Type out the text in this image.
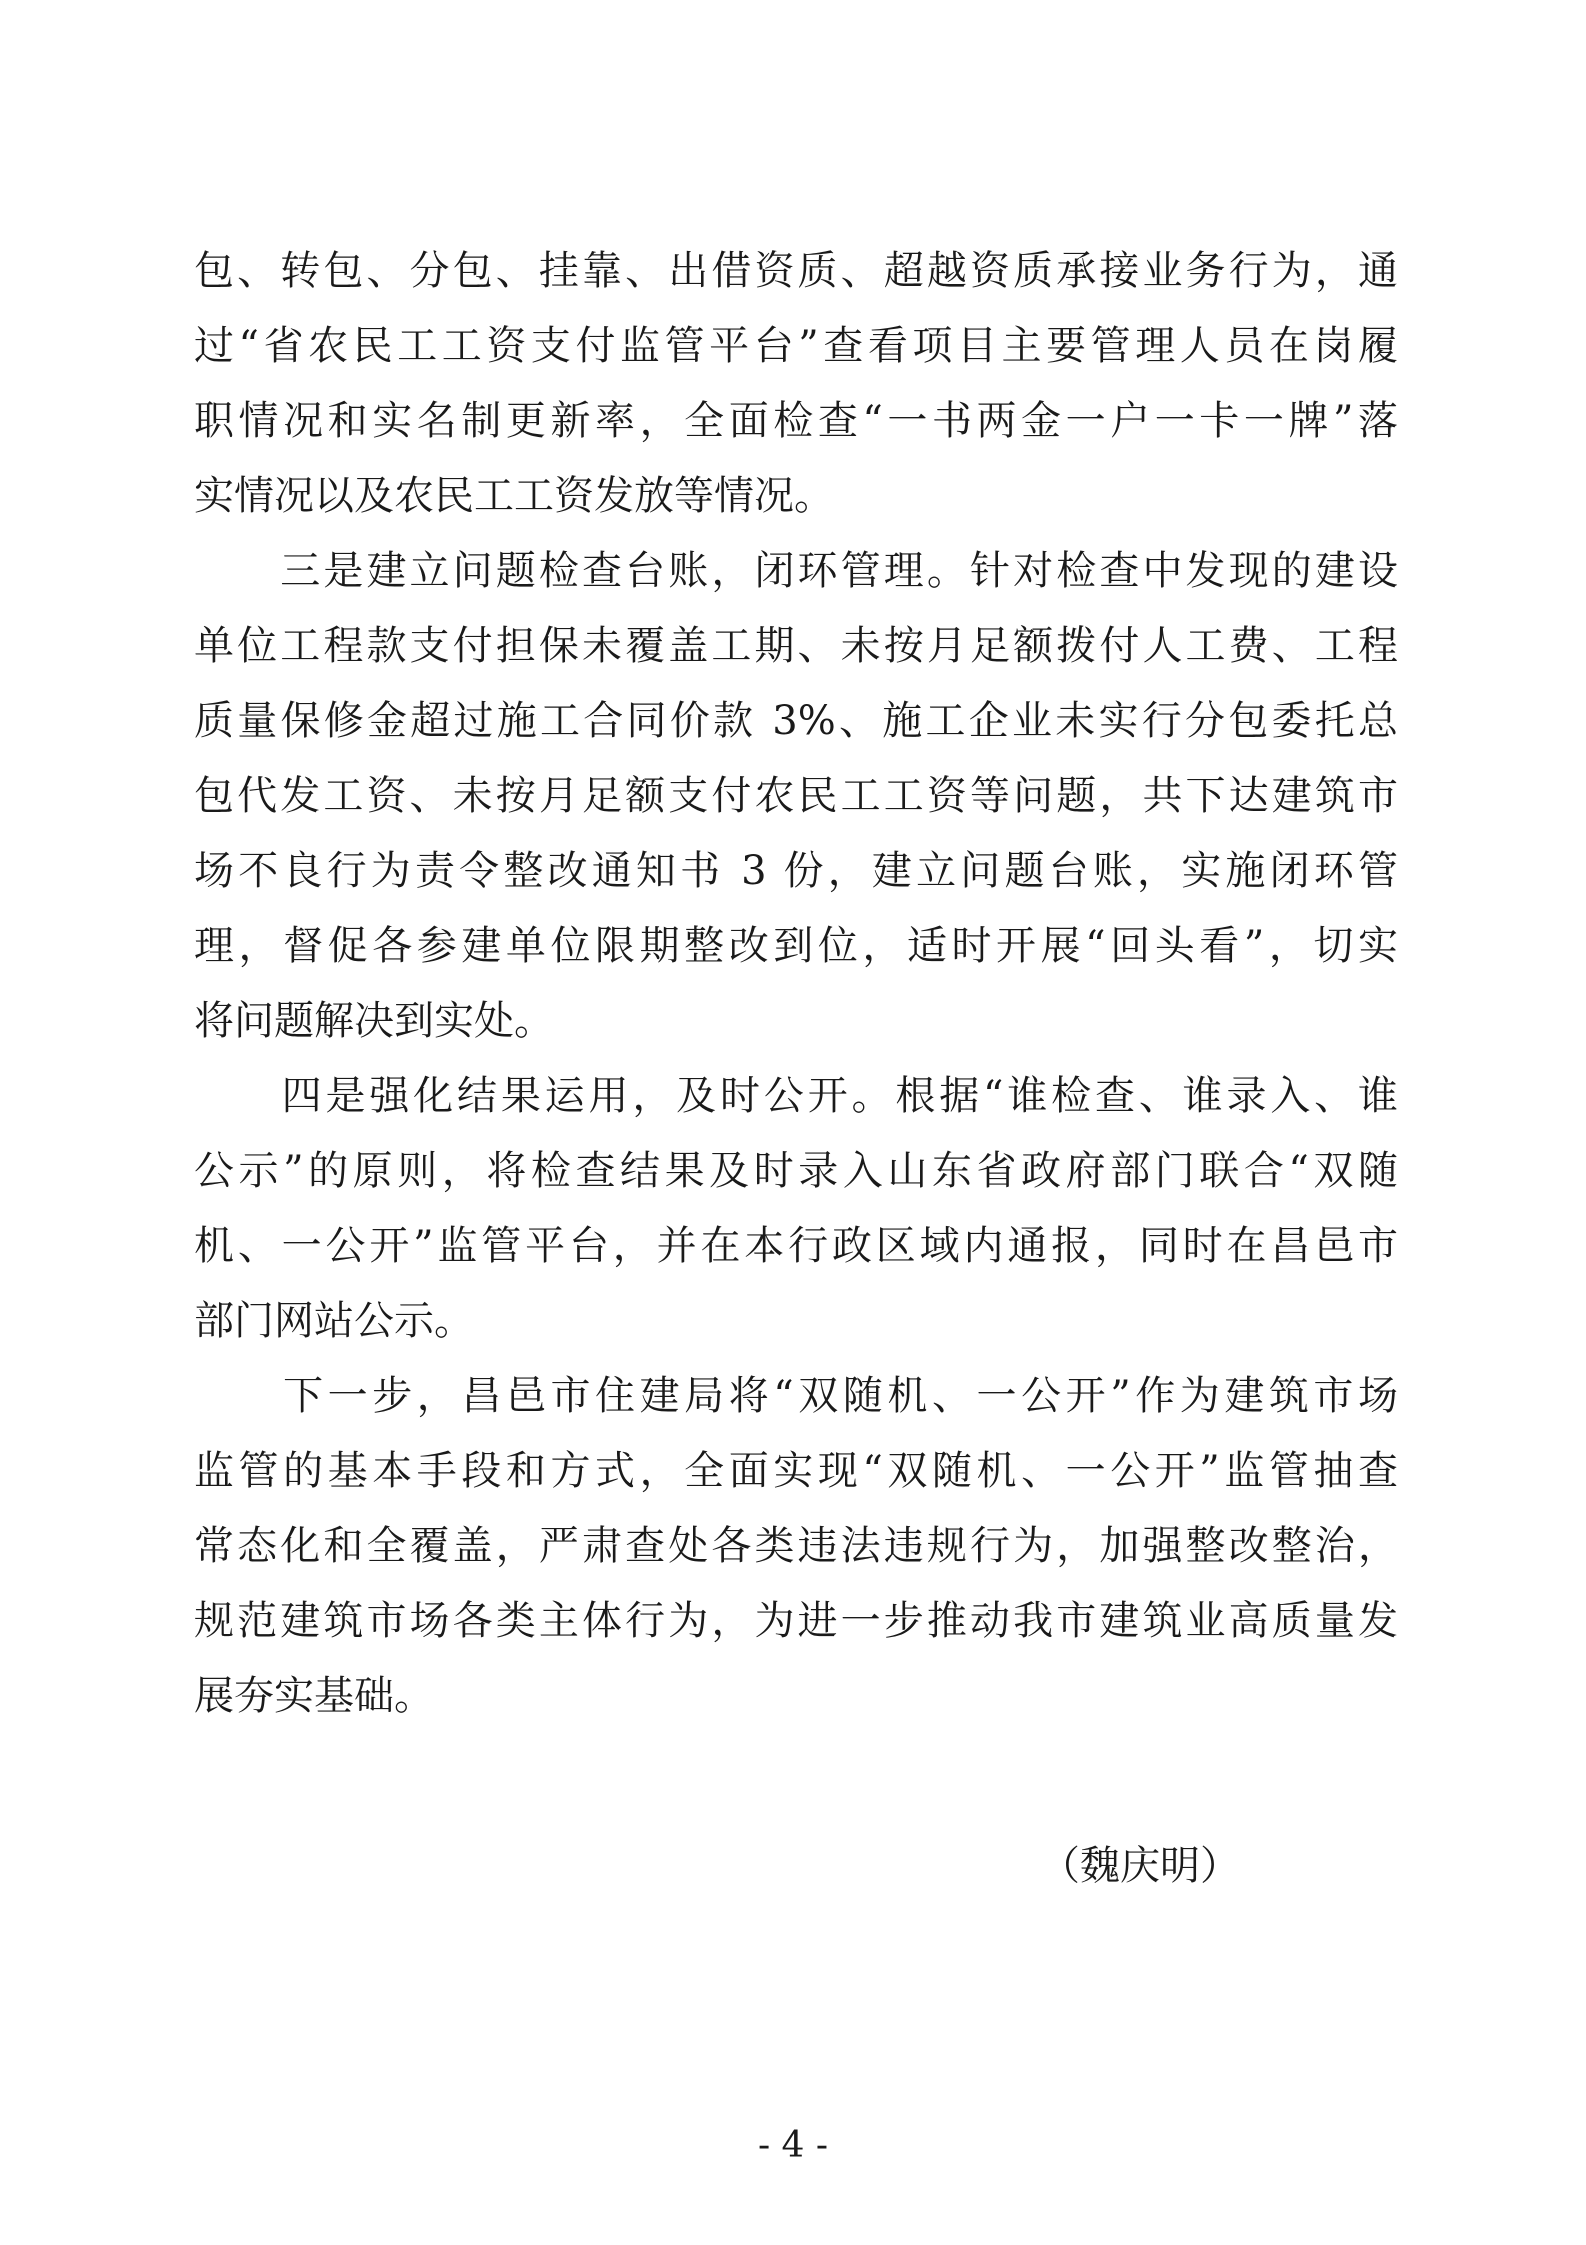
包、转包、分包、挂靠、出借资质、超越资质承接业务行为，通
过“省农民工工资支付监管平台”查看项目主要管理人员在岗履
职情况和实名制更新率，全面检查“一书两金一户一卡一牌”落
实情况以及农民工工资发放等情况。
　　三是建立问题检查台账，闭环管理。针对检查中发现的建设
单位工程款支付担保未覆盖工期、未按月足额拨付人工费、工程
质量保修金超过施工合同价款 3%、施工企业未实行分包委托总
包代发工资、未按月足额支付农民工工资等问题，共下达建筑市
场不良行为责令整改通知书 3 份，建立问题台账，实施闭环管
理，督促各参建单位限期整改到位，适时开展“回头看”，切实
将问题解决到实处。
　　四是强化结果运用，及时公开。根据“谁检查、谁录入、谁
公示”的原则，将检查结果及时录入山东省政府部门联合“双随
机、一公开”监管平台，并在本行政区域内通报，同时在昌邑市
部门网站公示。
　　下一步，昌邑市住建局将“双随机、一公开”作为建筑市场
监管的基本手段和方式，全面实现“双随机、一公开”监管抽查
常态化和全覆盖，严肃查处各类违法违规行为，加强整改整治，
规范建筑市场各类主体行为，为进一步推动我市建筑业高质量发
展夯实基础。
（魏庆明）
- 4 -
